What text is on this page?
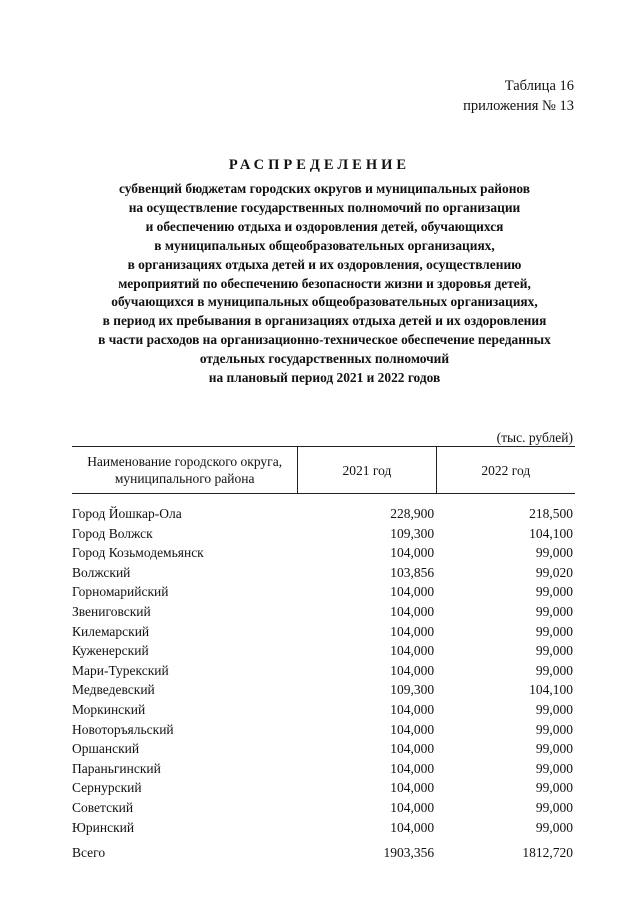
Таблица 16
приложения № 13
РАСПРЕДЕЛЕНИЕ
субвенций бюджетам городских округов и муниципальных районов
на осуществление государственных полномочий по организации
и обеспечению отдыха и оздоровления детей, обучающихся
в муниципальных общеобразовательных организациях,
в организациях отдыха детей и их оздоровления, осуществлению
мероприятий по обеспечению безопасности жизни и здоровья детей,
обучающихся в муниципальных общеобразовательных организациях,
в период их пребывания в организациях отдыха детей и их оздоровления
в части расходов на организационно-техническое обеспечение переданных
отдельных государственных полномочий
на плановый период 2021 и 2022 годов
(тыс. рублей)
Наименование городского округа,
муниципального района	2021 год	2022 год
Город Йошкар-Ола	228,900	218,500
Город Волжск	109,300	104,100
Город Козьмодемьянск	104,000	99,000
Волжский	103,856	99,020
Горномарийский	104,000	99,000
Звениговский	104,000	99,000
Килемарский	104,000	99,000
Куженерский	104,000	99,000
Мари-Турекский	104,000	99,000
Медведевский	109,300	104,100
Моркинский	104,000	99,000
Новоторъяльский	104,000	99,000
Оршанский	104,000	99,000
Параньгинский	104,000	99,000
Сернурский	104,000	99,000
Советский	104,000	99,000
Юринский	104,000	99,000
Всего	1903,356	1812,720
